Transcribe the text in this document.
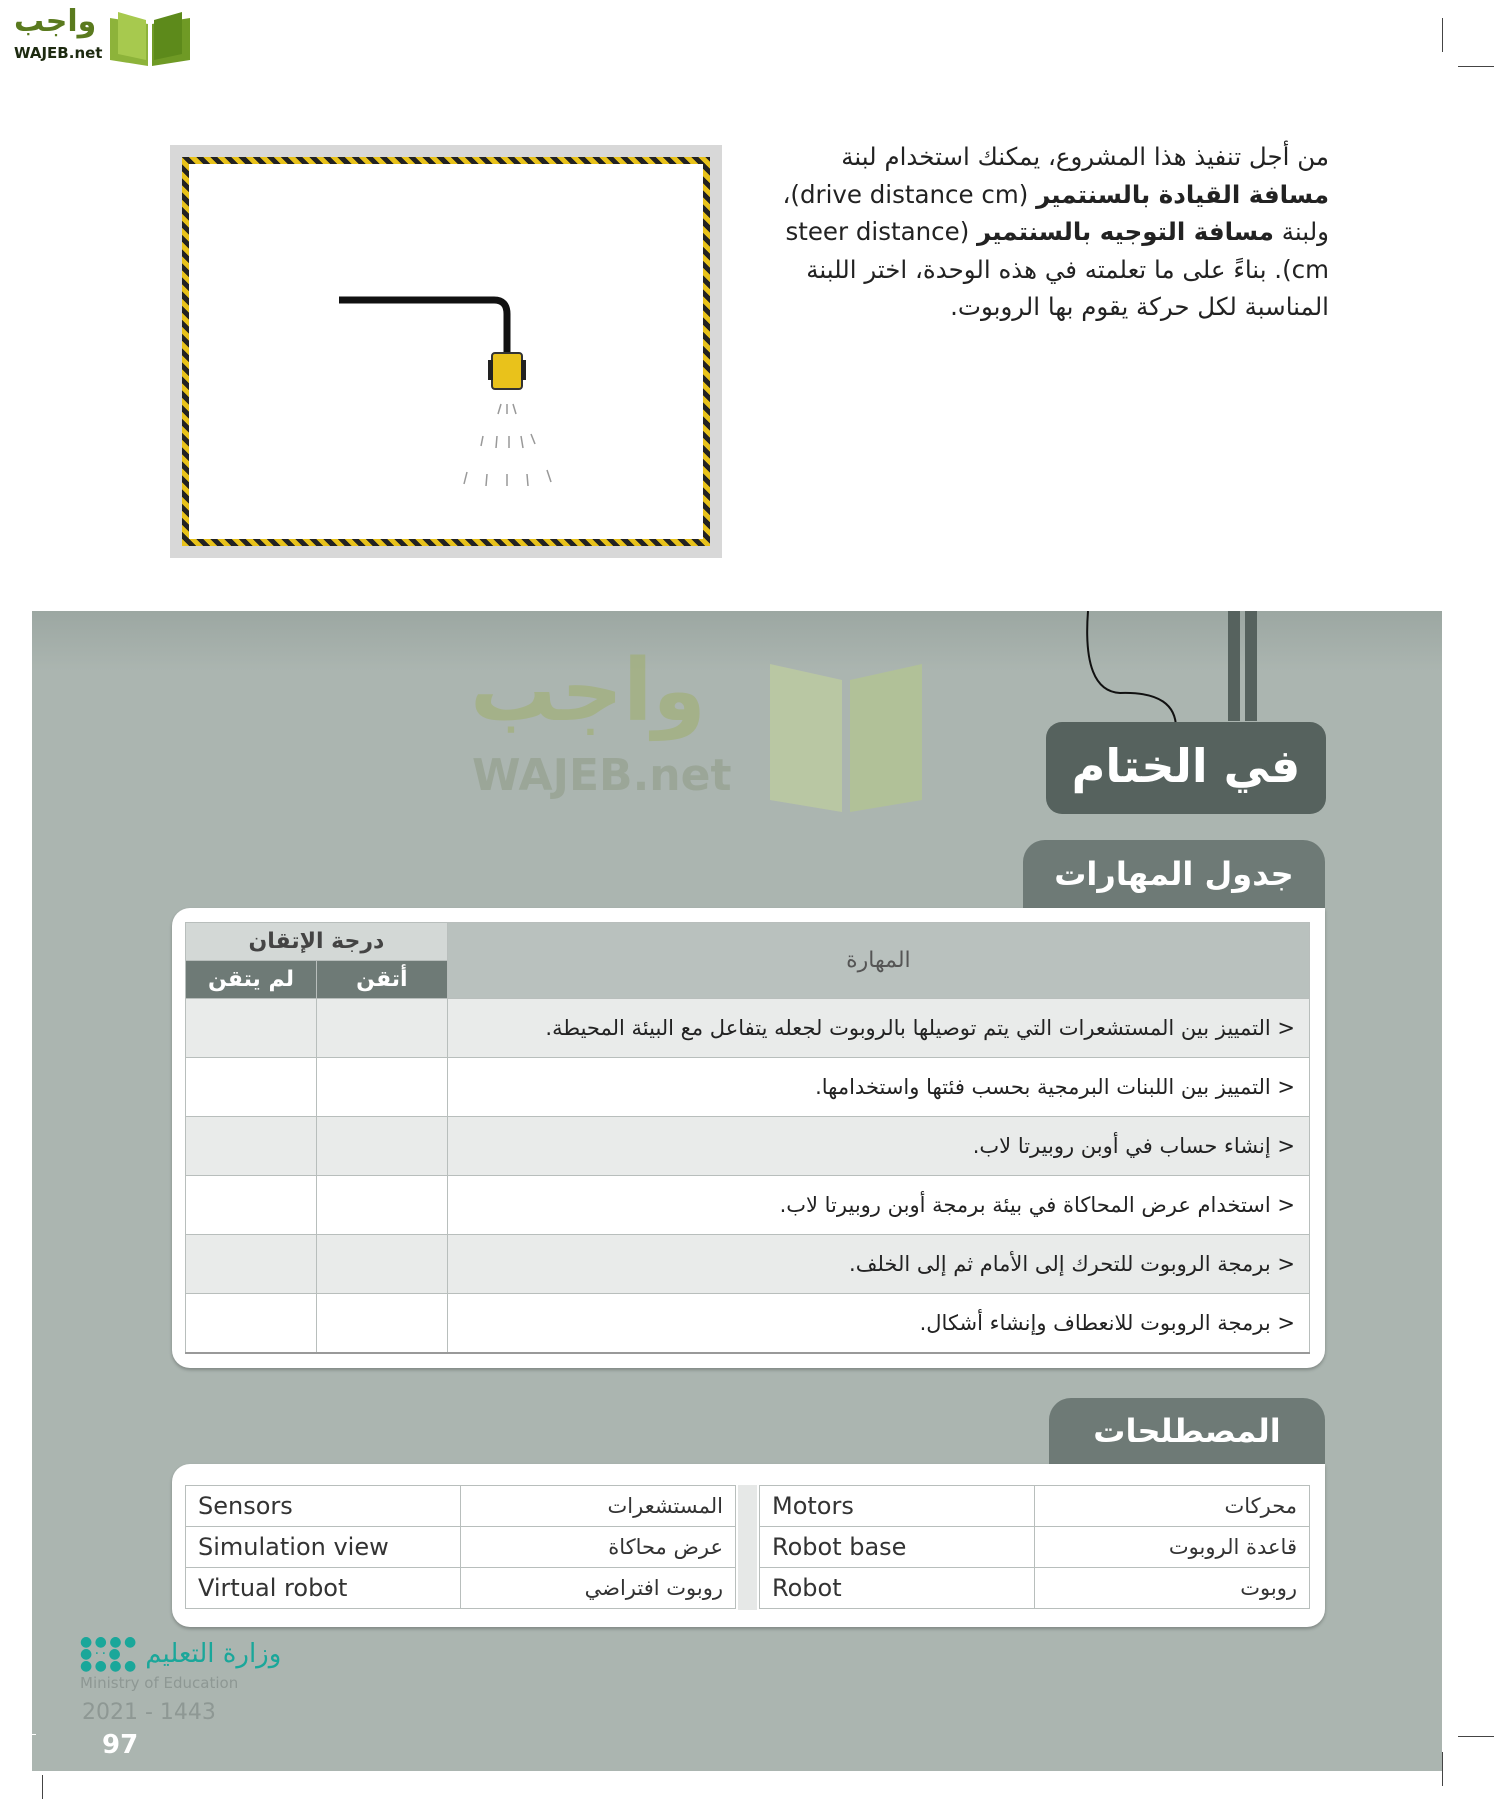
واجب
WAJEB.net

من أجل تنفيذ هذا المشروع، يمكنك استخدام لبنة مسافة القيادة بالسنتمير (drive distance cm)، ولبنة مسافة التوجيه بالسنتمير (steer distance cm). بناءً على ما تعلمته في هذه الوحدة، اختر اللبنة المناسبة لكل حركة يقوم بها الروبوت.

في الختام
واجب
WAJEB.net
جدول المهارات
المهارة	درجة الإتقان	
	أتقن	لم يتقن
< التمييز بين المستشعرات التي يتم توصيلها بالروبوت لجعله يتفاعل مع البيئة المحيطة.		
< التمييز بين اللبنات البرمجية بحسب فئتها واستخدامها.		
< إنشاء حساب في أوبن روبيرتا لاب.		
< استخدام عرض المحاكاة في بيئة برمجة أوبن روبيرتا لاب.		
< برمجة الروبوت للتحرك إلى الأمام ثم إلى الخلف.		
< برمجة الروبوت للانعطاف وإنشاء أشكال.		
المصطلحات
Sensors	المستشعرات
Simulation view	عرض محاكاة
Virtual robot	روبوت افتراضي
Motors	محركات
Robot base	قاعدة الروبوت
Robot	روبوت
● ● ● ●
● · · ●
● ● ● ● وزارة التعليم
Ministry of Education
2021 - 1443
97
